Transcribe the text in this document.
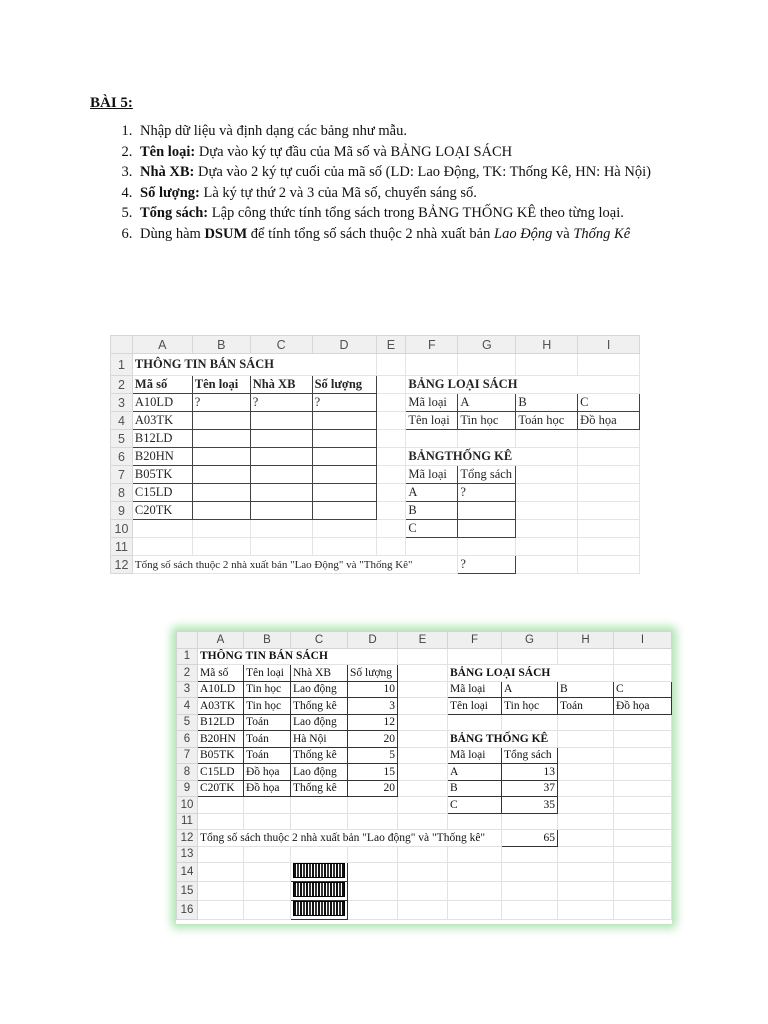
BÀI 5:
1. Nhập dữ liệu và định dạng các bảng như mẫu.
2. Tên loại: Dựa vào ký tự đầu của Mã số và BẢNG LOẠI SÁCH
3. Nhà XB: Dựa vào 2 ký tự cuối của mã số (LD: Lao Động, TK: Thống Kê, HN: Hà Nội)
4. Số lượng: Là ký tự thứ 2 và 3 của Mã số, chuyển sáng số.
5. Tổng sách: Lập công thức tính tổng sách trong BẢNG THỐNG KÊ theo từng loại.
6. Dùng hàm DSUM để tính tổng số sách thuộc 2 nhà xuất bản Lao Động và Thống Kê
	A	B	C	D	E	F	G	H	I
1	THÔNG TIN BÁN SÁCH								
2	Mã số	Tên loại	Nhà XB	Số lượng		BẢNG LOẠI SÁCH			
3	A10LD	?	?	?		Mã loại	A	B	C
4	A03TK					Tên loại	Tin học	Toán học	Đồ họa
5	B12LD								
6	B20HN					BẢNGTHỐNG KÊ			
7	B05TK					Mã loại	Tổng sách		
8	C15LD					A	?		
9	C20TK					B			
10						C			
11									
12	Tổng số sách thuộc 2 nhà xuất bản "Lao Động" và "Thống Kê"						?		
	A	B	C	D	E	F	G	H	I
1	THÔNG TIN BÁN SÁCH								
2	Mã số	Tên loại	Nhà XB	Số lượng		BẢNG LOẠI SÁCH			
3	A10LD	Tin học	Lao động	10		Mã loại	A	B	C
4	A03TK	Tin học	Thống kê	3		Tên loại	Tin học	Toán	Đồ họa
5	B12LD	Toán	Lao động	12					
6	B20HN	Toán	Hà Nội	20		BẢNG THỐNG KÊ			
7	B05TK	Toán	Thống kê	5		Mã loại	Tổng sách		
8	C15LD	Đồ họa	Lao động	15		A	13		
9	C20TK	Đồ họa	Thống kê	20		B	37		
10						C	35		
11									
12	Tổng số sách thuộc 2 nhà xuất bản "Lao động" và "Thống kê"						65		
13									
14									
15									
16									
